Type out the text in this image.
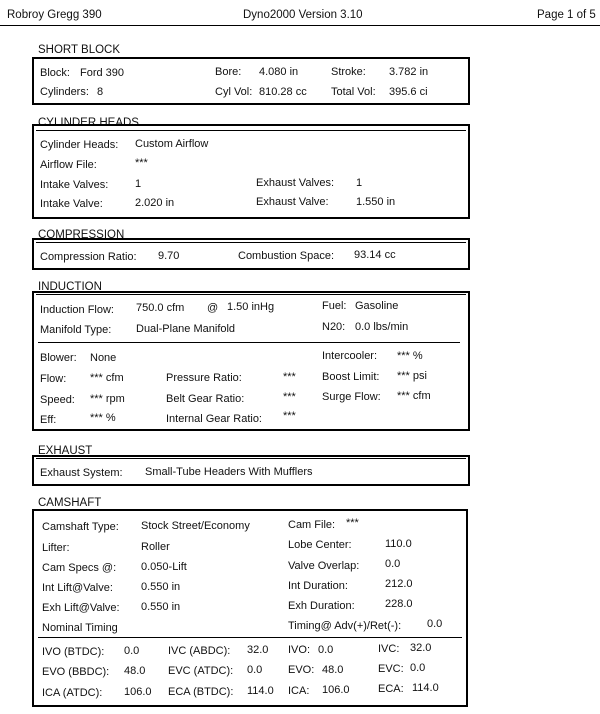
Robroy Gregg 390	Dyno2000 Version 3.10	Page 1 of 5
SHORT BLOCK
Block: Ford 390	Bore: 4.080 in	Stroke: 3.782 in
Cylinders: 8	Cyl Vol: 810.28 cc Total Vol: 395.6 ci
CYLINDER HEADS
Cylinder Heads: Custom Airflow
Airflow File:	***
Intake Valves: 1	Exhaust Valves: 1
Intake Valve:	2.020 in	Exhaust Valve: 1.550 in
COMPRESSION
Compression Ratio: 9.70	Combustion Space: 93.14 cc
INDUCTION
Induction Flow: 750.0 cfm @ 1.50 inHg	Fuel: Gasoline
Manifold Type: Dual-Plane Manifold	N20: 0.0 lbs/min
Blower: None	Intercooler: *** %
Flow: *** cfm	Pressure Ratio:	*** Boost Limit: *** psi
Speed: *** rpm	Belt Gear Ratio:	*** Surge Flow: *** cfm
Eff:	*** %	Internal Gear Ratio: ***
EXHAUST
Exhaust System: Small-Tube Headers With Mufflers
CAMSHAFT
Camshaft Type: Stock Street/Economy	Cam File: ***
Lifter:	Roller	Lobe Center:	110.0
Cam Specs @: 0.050-Lift	Valve Overlap: 0.0
Int Lift@Valve:	0.550 in	Int Duration:	212.0
Exh Lift@Valve: 0.550 in	Exh Duration:	228.0
Nominal Timing	Timing@ Adv(+)/Ret(-): 0.0
IVO (BTDC): 0.0	IVC (ABDC): 32.0 IVO: 0.0	IVC: 32.0
EVO (BBDC): 48.0 EVC (ATDC): 0.0 EVO: 48.0	EVC: 0.0
ICA (ATDC): 106.0 ECA (BTDC): 114.0 ICA: 106.0	ECA: 114.0
